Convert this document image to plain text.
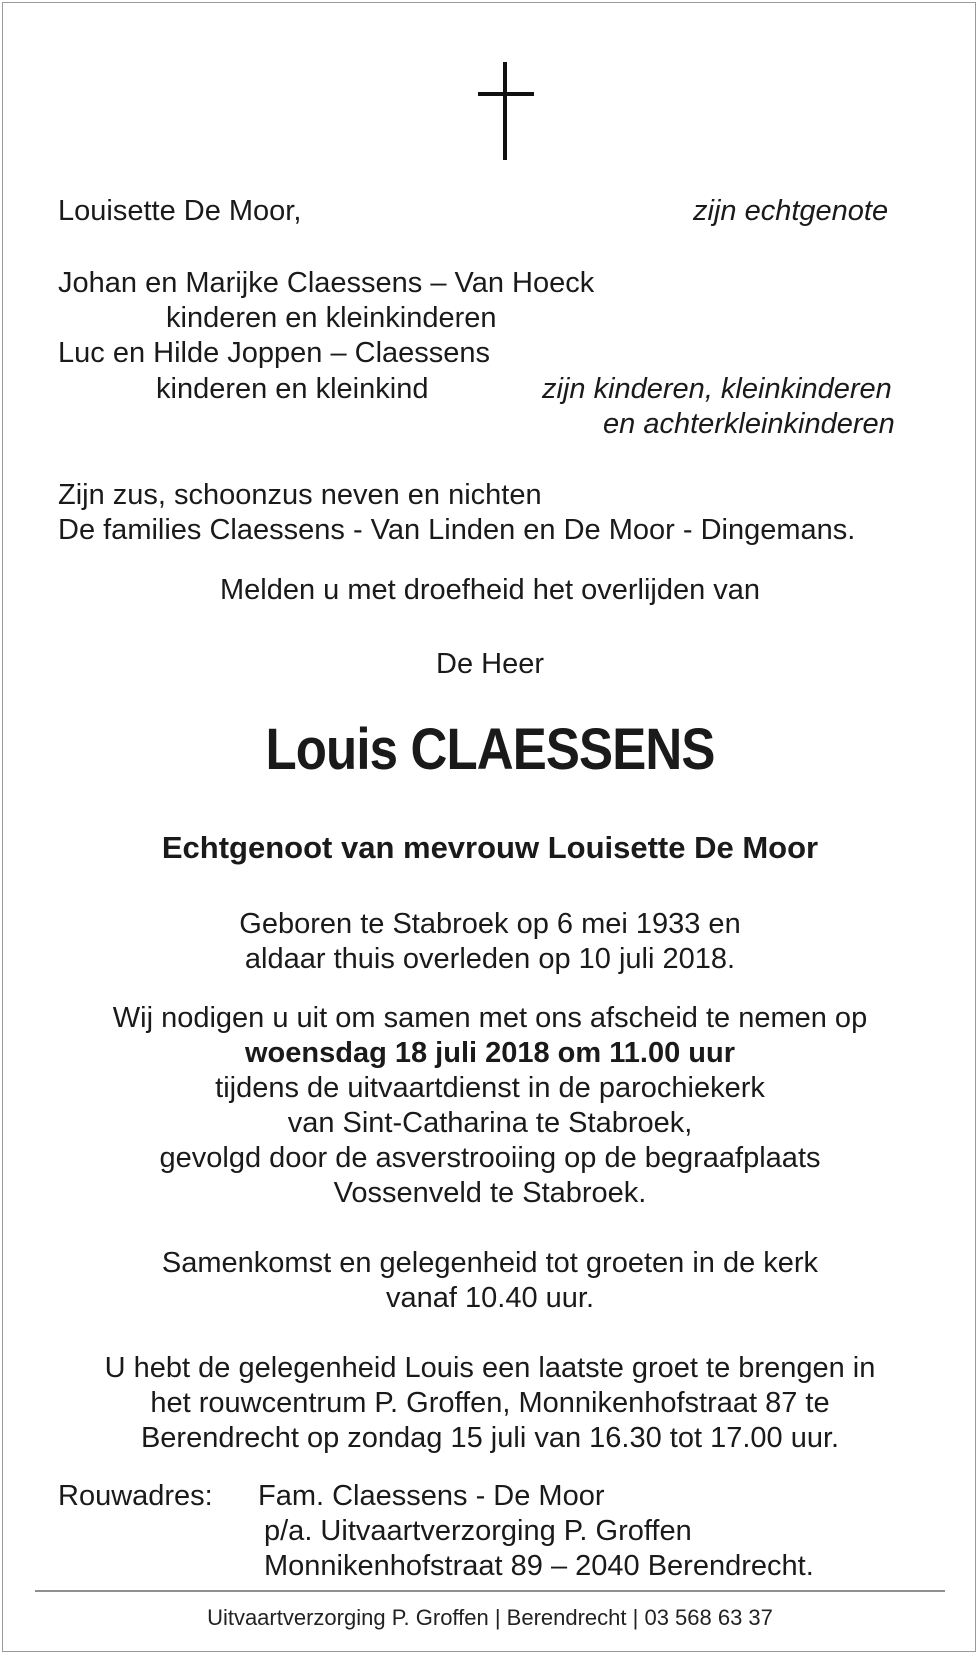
Louisette De Moor,	zijn echtgenote
Johan en Marijke Claessens – Van Hoeck
kinderen en kleinkinderen
Luc en Hilde Joppen – Claessens
kinderen en kleinkind	zijn kinderen, kleinkinderen
en achterkleinkinderen
Zijn zus, schoonzus neven en nichten
De families Claessens - Van Linden en De Moor - Dingemans.
Melden u met droefheid het overlijden van
De Heer
Louis CLAESSENS
Echtgenoot van mevrouw Louisette De Moor
Geboren te Stabroek op 6 mei 1933 en
aldaar thuis overleden op 10 juli 2018.
Wij nodigen u uit om samen met ons afscheid te nemen op
woensdag 18 juli 2018 om 11.00 uur
tijdens de uitvaartdienst in de parochiekerk
van Sint-Catharina te Stabroek,
gevolgd door de asverstrooiing op de begraafplaats
Vossenveld te Stabroek.
Samenkomst en gelegenheid tot groeten in de kerk
vanaf 10.40 uur.
U hebt de gelegenheid Louis een laatste groet te brengen in
het rouwcentrum P. Groffen, Monnikenhofstraat 87 te
Berendrecht op zondag 15 juli van 16.30 tot 17.00 uur.
Rouwadres: Fam. Claessens - De Moor
p/a. Uitvaartverzorging P. Groffen
Monnikenhofstraat 89 – 2040 Berendrecht.
Uitvaartverzorging P. Groffen | Berendrecht | 03 568 63 37
